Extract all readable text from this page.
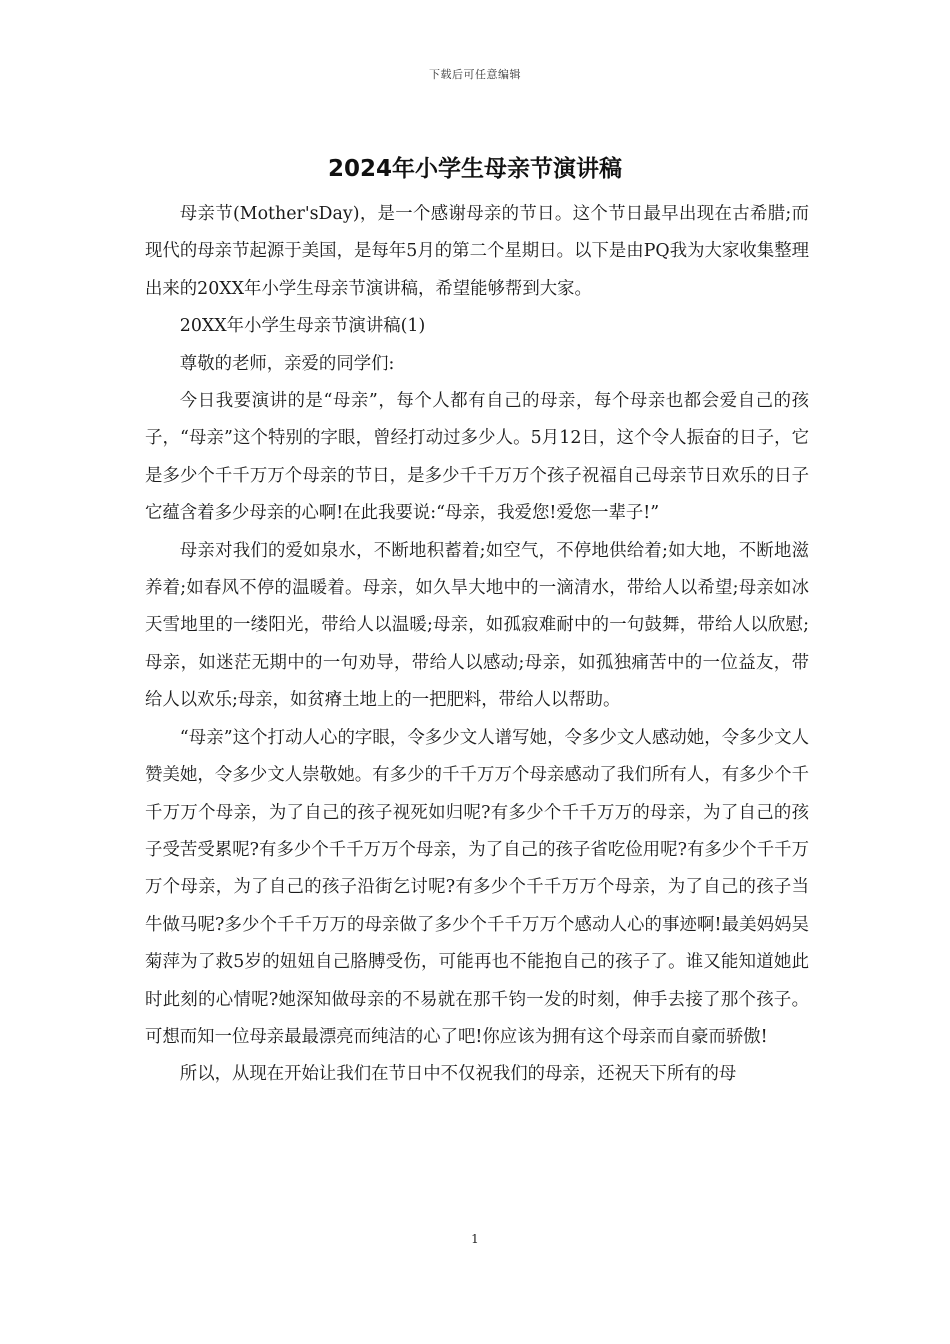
下载后可任意编辑
2024年小学生母亲节演讲稿

母亲节(Mother'sDay)，是一个感谢母亲的节日。这个节日最早出现在古希腊;而现代的母亲节起源于美国，是每年5月的第二个星期日。以下是由PQ我为大家收集整理出来的20XX年小学生母亲节演讲稿，希望能够帮到大家。

20XX年小学生母亲节演讲稿(1)

尊敬的老师，亲爱的同学们:

今日我要演讲的是“母亲”，每个人都有自己的母亲，每个母亲也都会爱自己的孩子，“母亲”这个特别的字眼，曾经打动过多少人。5月12日，这个令人振奋的日子，它是多少个千千万万个母亲的节日，是多少千千万万个孩子祝福自己母亲节日欢乐的日子它蕴含着多少母亲的心啊!在此我要说:“母亲，我爱您!爱您一辈子!”

母亲对我们的爱如泉水，不断地积蓄着;如空气，不停地供给着;如大地，不断地滋养着;如春风不停的温暖着。母亲，如久旱大地中的一滴清水，带给人以希望;母亲如冰天雪地里的一缕阳光，带给人以温暖;母亲，如孤寂难耐中的一句鼓舞，带给人以欣慰;母亲，如迷茫无期中的一句劝导，带给人以感动;母亲，如孤独痛苦中的一位益友，带给人以欢乐;母亲，如贫瘠土地上的一把肥料，带给人以帮助。

“母亲”这个打动人心的字眼，令多少文人谱写她，令多少文人感动她，令多少文人赞美她，令多少文人崇敬她。有多少的千千万万个母亲感动了我们所有人，有多少个千千万万个母亲，为了自己的孩子视死如归呢?有多少个千千万万的母亲，为了自己的孩子受苦受累呢?有多少个千千万万个母亲，为了自己的孩子省吃俭用呢?有多少个千千万万个母亲，为了自己的孩子沿街乞讨呢?有多少个千千万万个母亲，为了自己的孩子当牛做马呢?多少个千千万万的母亲做了多少个千千万万个感动人心的事迹啊!最美妈妈吴菊萍为了救5岁的妞妞自己胳膊受伤，可能再也不能抱自己的孩子了。谁又能知道她此时此刻的心情呢?她深知做母亲的不易就在那千钧一发的时刻，伸手去接了那个孩子。可想而知一位母亲最最漂亮而纯洁的心了吧!你应该为拥有这个母亲而自豪而骄傲!

所以，从现在开始让我们在节日中不仅祝我们的母亲，还祝天下所有的母

1
